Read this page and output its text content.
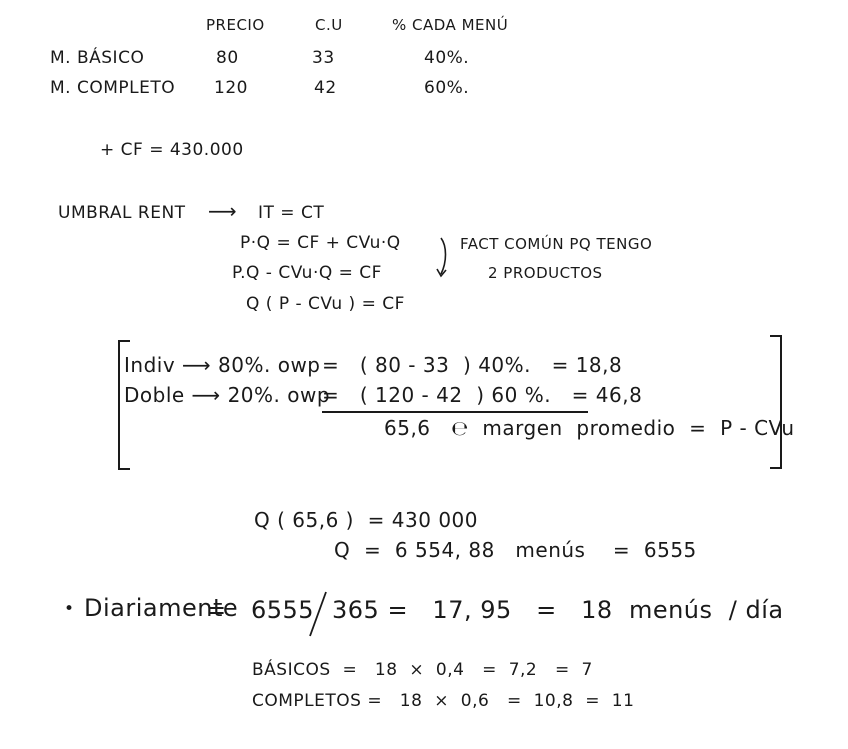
PRECIO	C.U	% CADA MENÚ
M. BÁSICO	80	33	40%.
M. COMPLETO 120	42	60%.
+ CF = 430.000
UMBRAL RENT ⟶ IT = CT
P·Q = CF + CVu·Q
P.Q - CVu·Q = CF
Q ( P - CVu ) = CF
FACT COMÚN PQ TENGO
2 PRODUCTOS
Indiv ⟶ 80%. owp =   ( 80 - 33  ) 40%.   = 18,8
Doble ⟶ 20%. owp
=   ( 120 - 42  ) 60 %.   = 46,8
65,6   ℮  margen  promedio  =  P - CVu
Q ( 65,6 )  = 430 000
Q  =  6 554, 88   menús    =  6555
• Diariamente
=   6555 365 =   17, 95   =   18  menús  / día
BÁSICOS  =   18  ×  0,4   =  7,2   =  7
COMPLETOS =   18  ×  0,6   =  10,8  =  11
